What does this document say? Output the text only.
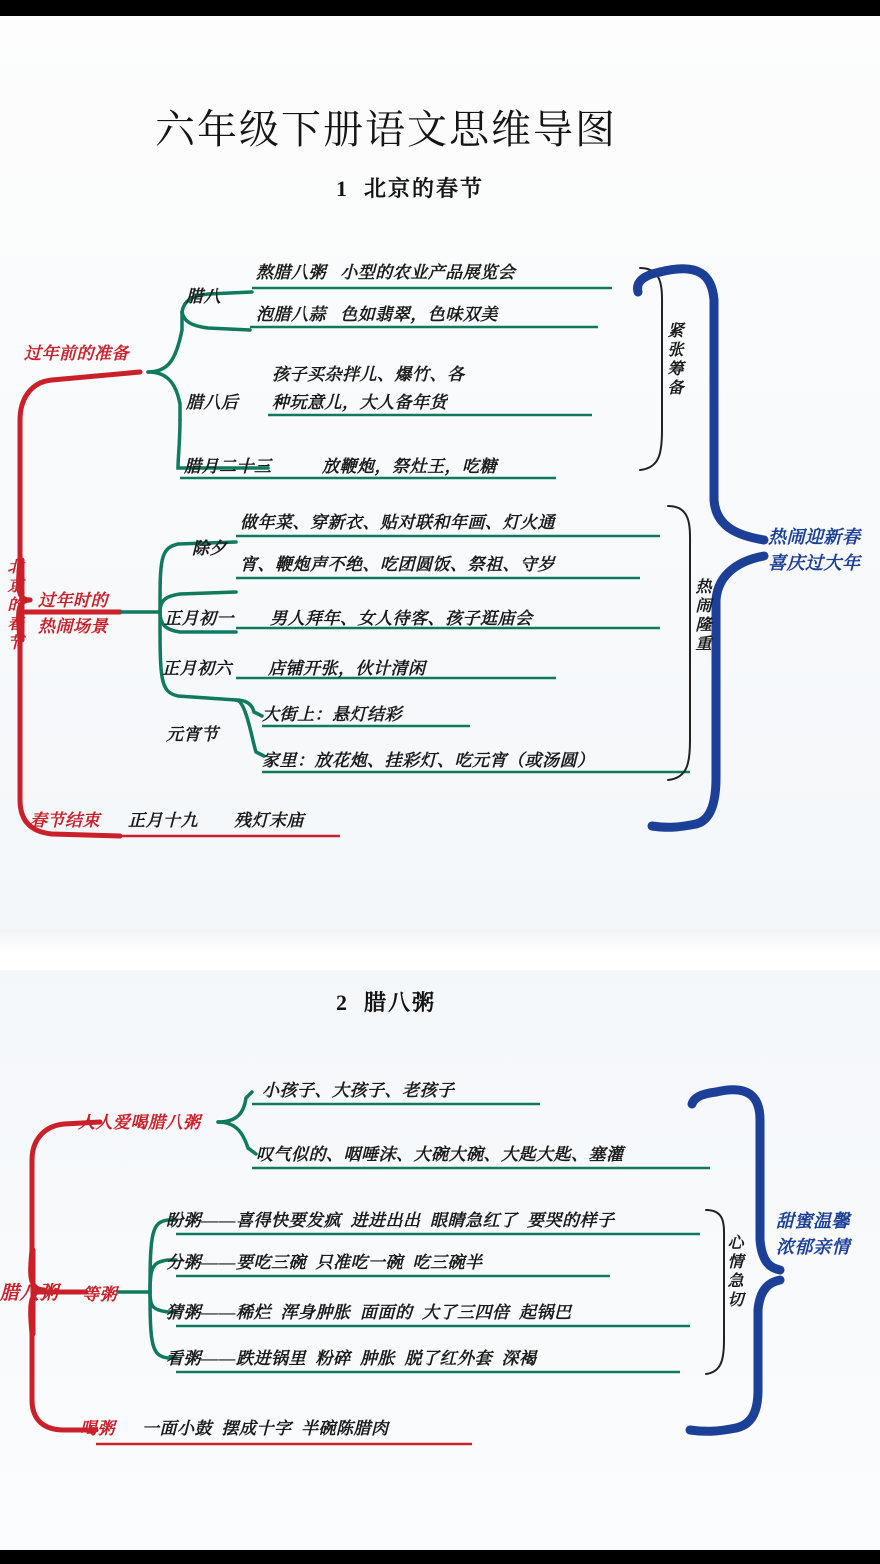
六年级下册语文思维导图
1  北京的春节
2  腊八粥
北京的春节
过年前的准备
过年时的
热闹场景
春节结束
腊八
熬腊八粥   小型的农业产品展览会
泡腊八蒜   色如翡翠，色味双美
腊八后
孩子买杂拌儿、爆竹、各
种玩意儿，大人备年货
腊月二十三	放鞭炮，祭灶王，吃糖
除夕
做年菜、穿新衣、贴对联和年画、灯火通
宵、鞭炮声不绝、吃团圆饭、祭祖、守岁
正月初一 男人拜年、女人待客、孩子逛庙会
正月初六 店铺开张，伙计清闲
元宵节
大街上：悬灯结彩
家里：放花炮、挂彩灯、吃元宵（或汤圆）
正月十九 残灯末庙
紧张筹备
热闹隆重
热闹迎新春
喜庆过大年
腊八粥
人人爱喝腊八粥
小孩子、大孩子、老孩子
叹气似的、咽唾沫、大碗大碗、大匙大匙、塞灌
等粥
盼粥——喜得快要发疯  进进出出  眼睛急红了  要哭的样子
分粥——要吃三碗  只准吃一碗  吃三碗半
猜粥——稀烂  浑身肿胀  面面的  大了三四倍  起锅巴
看粥——跌进锅里  粉碎  肿胀  脱了红外套  深褐
喝粥 一面小鼓  摆成十字  半碗陈腊肉
心情急切
甜蜜温馨
浓郁亲情
